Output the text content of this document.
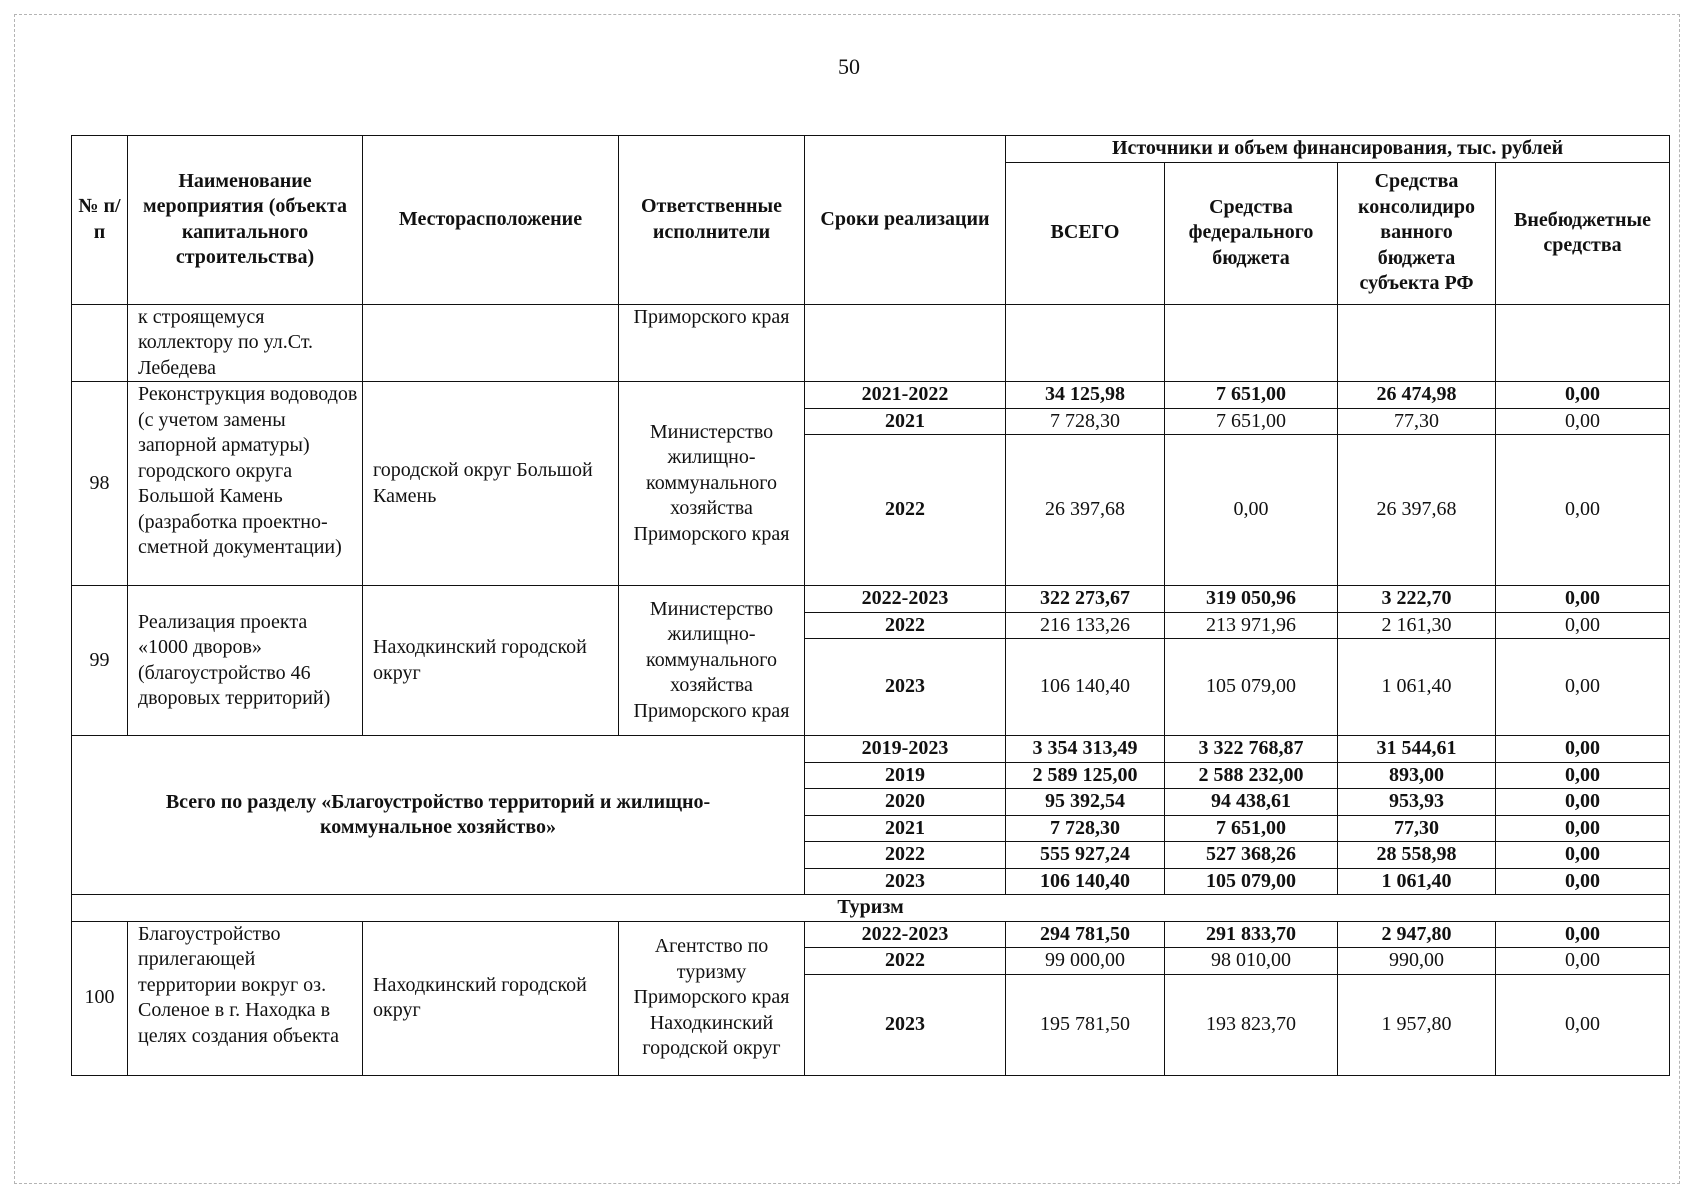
50
№ п/п	Наименование мероприятия (объекта капитального строительства)	Месторасположение	Ответственные исполнители	Сроки реализации	Источники и объем финансирования, тыс. рублей			
					ВСЕГО	Средства федерального бюджета	Средства консолидиро ванного бюджета субъекта РФ	Внебюджетные средства
	к строящемуся коллектору по ул.Ст. Лебедева		Приморского края					
98	Реконструкция водоводов (с учетом замены запорной арматуры) городского округа Большой Камень (разработка проектно-сметной документации)	городской округ Большой Камень	Министерство жилищно-коммунального хозяйства Приморского края	2021-2022	34 125,98	7 651,00	26 474,98	0,00
				2021	7 728,30	7 651,00	77,30	0,00
				2022	26 397,68	0,00	26 397,68	0,00
99	Реализация проекта «1000 дворов» (благоустройство 46 дворовых территорий)	Находкинский городской округ	Министерство жилищно-коммунального хозяйства Приморского края	2022-2023	322 273,67	319 050,96	3 222,70	0,00
				2022	216 133,26	213 971,96	2 161,30	0,00
				2023	106 140,40	105 079,00	1 061,40	0,00
Всего по разделу «Благоустройство территорий и жилищно-коммунальное хозяйство»				2019-2023	3 354 313,49	3 322 768,87	31 544,61	0,00
				2019	2 589 125,00	2 588 232,00	893,00	0,00
				2020	95 392,54	94 438,61	953,93	0,00
				2021	7 728,30	7 651,00	77,30	0,00
				2022	555 927,24	527 368,26	28 558,98	0,00
				2023	106 140,40	105 079,00	1 061,40	0,00
Туризм								
100	Благоустройство прилегающей территории вокруг оз. Соленое в г. Находка в целях создания объекта	Находкинский городской округ	Агентство по туризму Приморского края Находкинский городской округ	2022-2023	294 781,50	291 833,70	2 947,80	0,00
				2022	99 000,00	98 010,00	990,00	0,00
				2023	195 781,50	193 823,70	1 957,80	0,00
